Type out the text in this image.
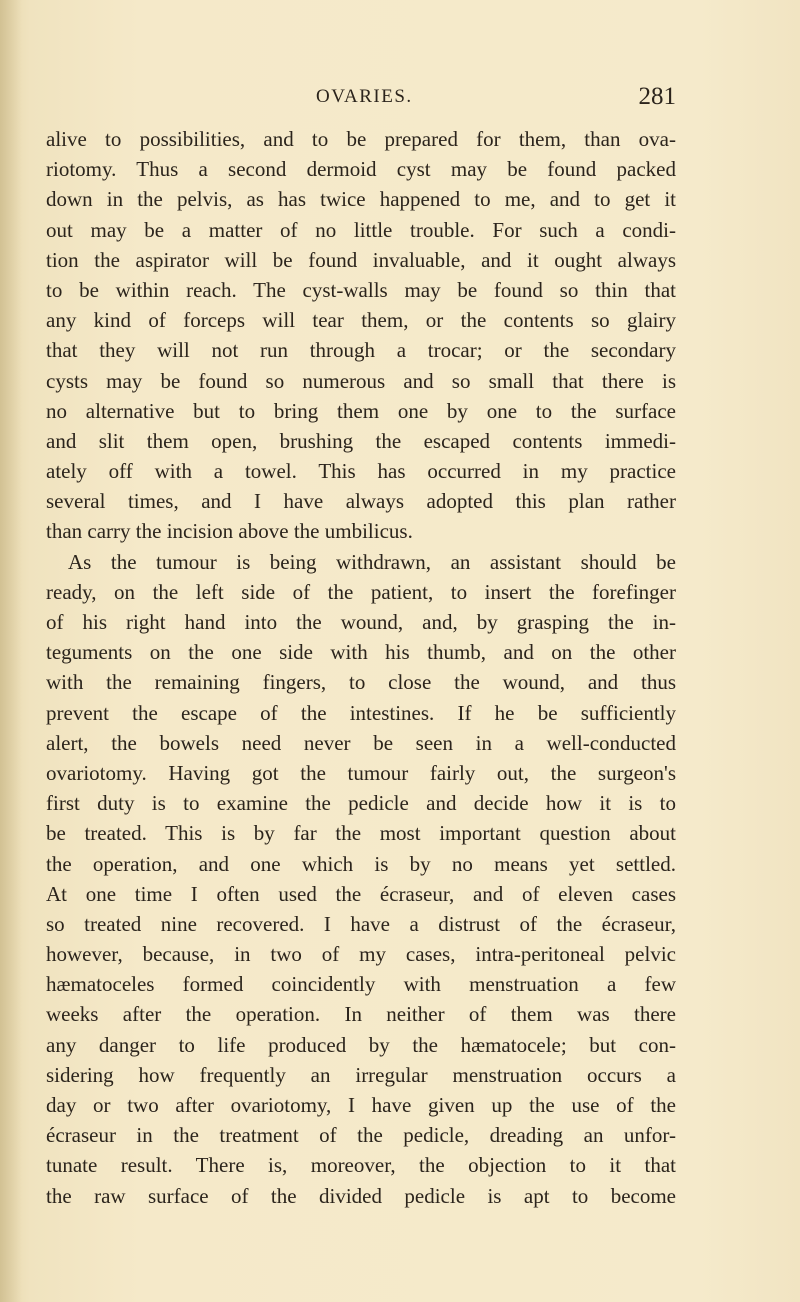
OVARIES.	281
alive to possibilities, and to be prepared for them, than ova-
riotomy. Thus a second dermoid cyst may be found packed
down in the pelvis, as has twice happened to me, and to get it
out may be a matter of no little trouble. For such a condi-
tion the aspirator will be found invaluable, and it ought always
to be within reach. The cyst-walls may be found so thin that
any kind of forceps will tear them, or the contents so glairy
that they will not run through a trocar; or the secondary
cysts may be found so numerous and so small that there is
no alternative but to bring them one by one to the surface
and slit them open, brushing the escaped contents immedi-
ately off with a towel. This has occurred in my practice
several times, and I have always adopted this plan rather
than carry the incision above the umbilicus.
As the tumour is being withdrawn, an assistant should be
ready, on the left side of the patient, to insert the forefinger
of his right hand into the wound, and, by grasping the in-
teguments on the one side with his thumb, and on the other
with the remaining fingers, to close the wound, and thus
prevent the escape of the intestines. If he be sufficiently
alert, the bowels need never be seen in a well-conducted
ovariotomy. Having got the tumour fairly out, the surgeon's
first duty is to examine the pedicle and decide how it is to
be treated. This is by far the most important question about
the operation, and one which is by no means yet settled.
At one time I often used the écraseur, and of eleven cases
so treated nine recovered. I have a distrust of the écraseur,
however, because, in two of my cases, intra-peritoneal pelvic
hæmatoceles formed coincidently with menstruation a few
weeks after the operation. In neither of them was there
any danger to life produced by the hæmatocele; but con-
sidering how frequently an irregular menstruation occurs a
day or two after ovariotomy, I have given up the use of the
écraseur in the treatment of the pedicle, dreading an unfor-
tunate result. There is, moreover, the objection to it that
the raw surface of the divided pedicle is apt to become
